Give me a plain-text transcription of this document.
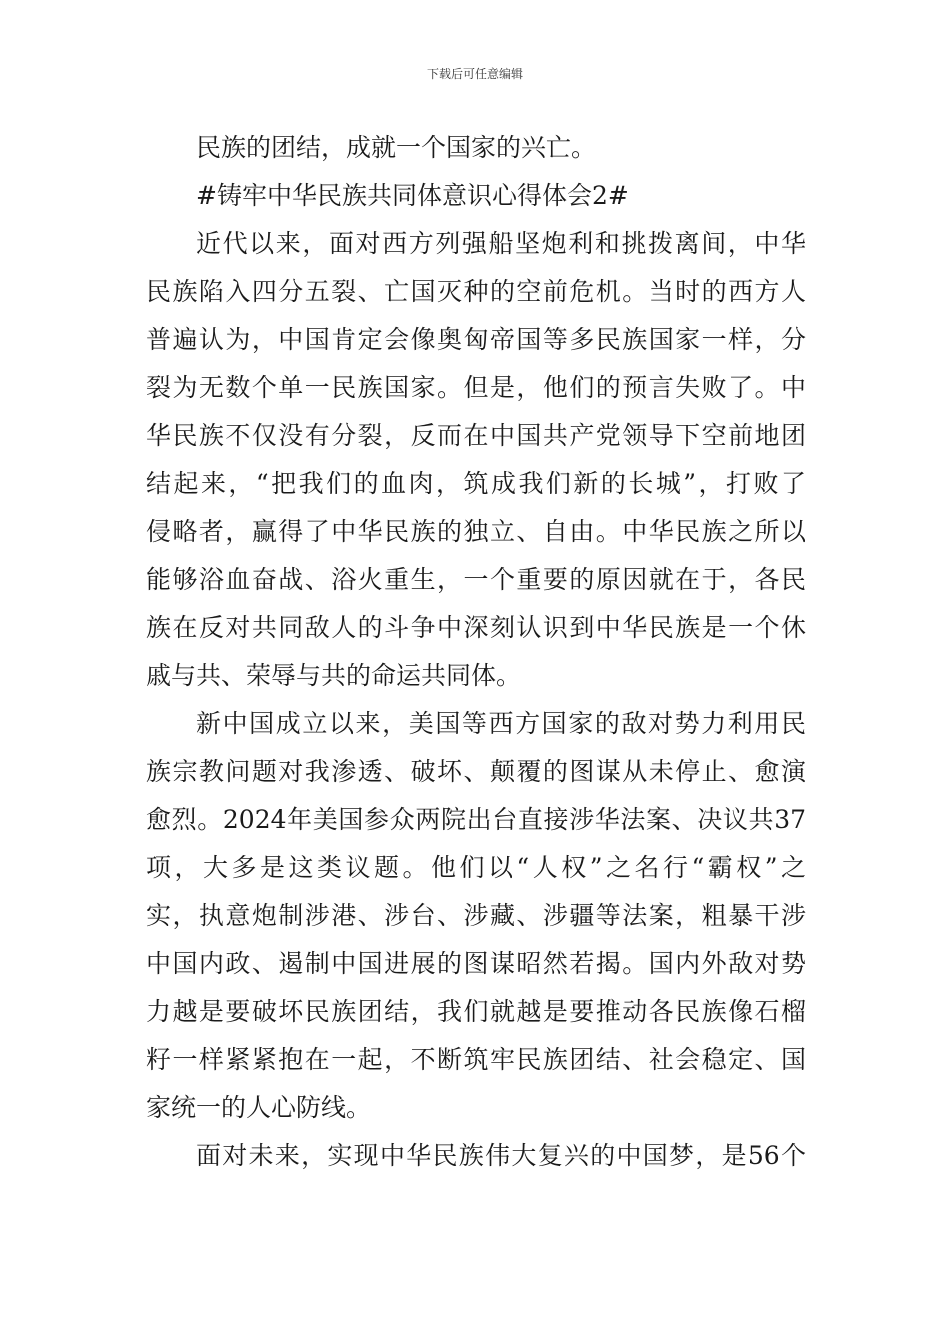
下载后可任意编辑
民族的团结，成就一个国家的兴亡。
#铸牢中华民族共同体意识心得体会2#
近代以来，面对西方列强船坚炮利和挑拨离间，中华
民族陷入四分五裂、亡国灭种的空前危机。当时的西方人
普遍认为，中国肯定会像奥匈帝国等多民族国家一样，分
裂为无数个单一民族国家。但是，他们的预言失败了。中
华民族不仅没有分裂，反而在中国共产党领导下空前地团
结起来，“把我们的血肉，筑成我们新的长城”，打败了
侵略者，赢得了中华民族的独立、自由。中华民族之所以
能够浴血奋战、浴火重生，一个重要的原因就在于，各民
族在反对共同敌人的斗争中深刻认识到中华民族是一个休
戚与共、荣辱与共的命运共同体。
新中国成立以来，美国等西方国家的敌对势力利用民
族宗教问题对我渗透、破坏、颠覆的图谋从未停止、愈演
愈烈。2024年美国参众两院出台直接涉华法案、决议共37
项，大多是这类议题。他们以“人权”之名行“霸权”之
实，执意炮制涉港、涉台、涉藏、涉疆等法案，粗暴干涉
中国内政、遏制中国进展的图谋昭然若揭。国内外敌对势
力越是要破坏民族团结，我们就越是要推动各民族像石榴
籽一样紧紧抱在一起，不断筑牢民族团结、社会稳定、国
家统一的人心防线。
面对未来，实现中华民族伟大复兴的中国梦，是56个
